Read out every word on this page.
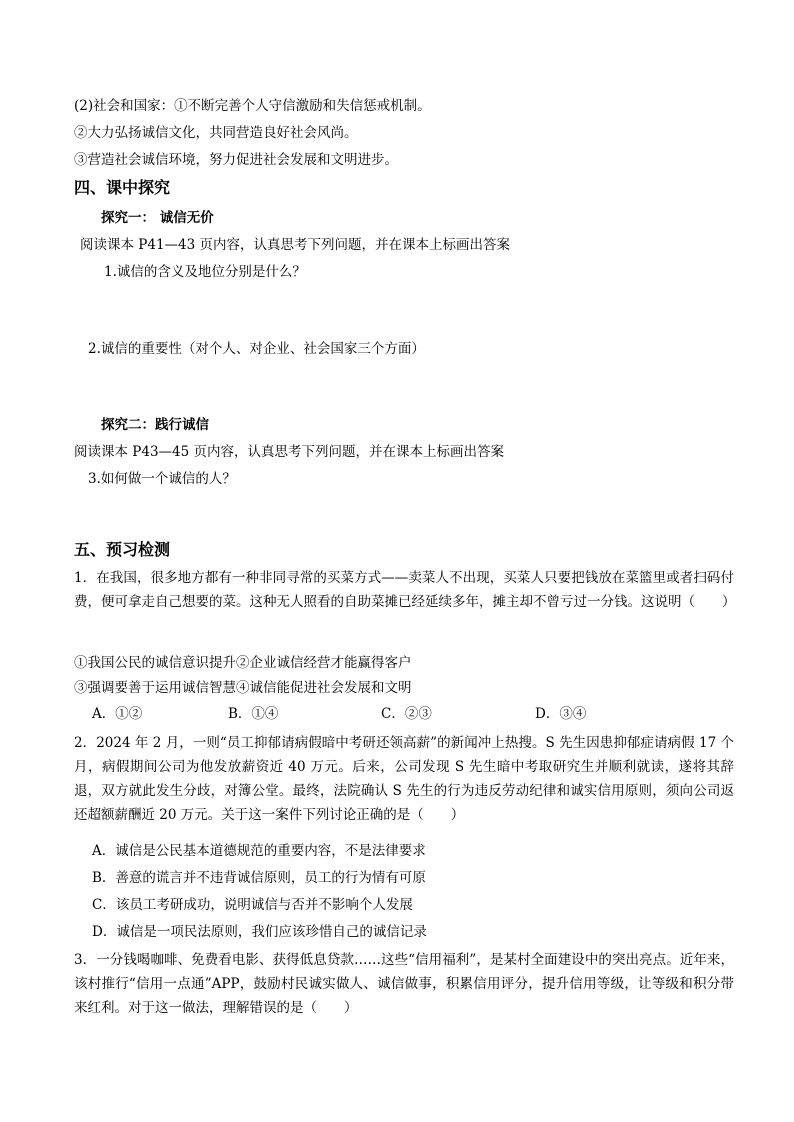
(2)社会和国家：①不断完善个人守信激励和失信惩戒机制。
②大力弘扬诚信文化，共同营造良好社会风尚。
③营造社会诚信环境，努力促进社会发展和文明进步。
四、课中探究
探究一： 诚信无价
阅读课本 P41—43 页内容，认真思考下列问题，并在课本上标画出答案
1.诚信的含义及地位分别是什么？
2.诚信的重要性（对个人、对企业、社会国家三个方面）
探究二：践行诚信
阅读课本 P43—45 页内容，认真思考下列问题，并在课本上标画出答案
3.如何做一个诚信的人？
五、预习检测
1．在我国，很多地方都有一种非同寻常的买菜方式——卖菜人不出现，买菜人只要把钱放在菜篮里或者扫码付费，便可拿走自己想要的菜。这种无人照看的自助菜摊已经延续多年，摊主却不曾亏过一分钱。这说明（　　）
①我国公民的诚信意识提升②企业诚信经营才能赢得客户
③强调要善于运用诚信智慧④诚信能促进社会发展和文明
A．①②	B．①④	C．②③	D．③④
2．2024 年 2 月，一则“员工抑郁请病假暗中考研还领高薪”的新闻冲上热搜。S 先生因患抑郁症请病假 17 个月，病假期间公司为他发放薪资近 40 万元。后来，公司发现 S 先生暗中考取研究生并顺利就读，遂将其辞退，双方就此发生分歧，对簿公堂。最终，法院确认 S 先生的行为违反劳动纪律和诚实信用原则，须向公司返还超额薪酬近 20 万元。关于这一案件下列讨论正确的是（　　）
A．诚信是公民基本道德规范的重要内容，不是法律要求
B．善意的谎言并不违背诚信原则，员工的行为情有可原
C．该员工考研成功，说明诚信与否并不影响个人发展
D．诚信是一项民法原则，我们应该珍惜自己的诚信记录
3．一分钱喝咖啡、免费看电影、获得低息贷款……这些“信用福利”，是某村全面建设中的突出亮点。近年来，该村推行“信用一点通”APP，鼓励村民诚实做人、诚信做事，积累信用评分，提升信用等级，让等级和积分带来红利。对于这一做法，理解错误的是（　　）
